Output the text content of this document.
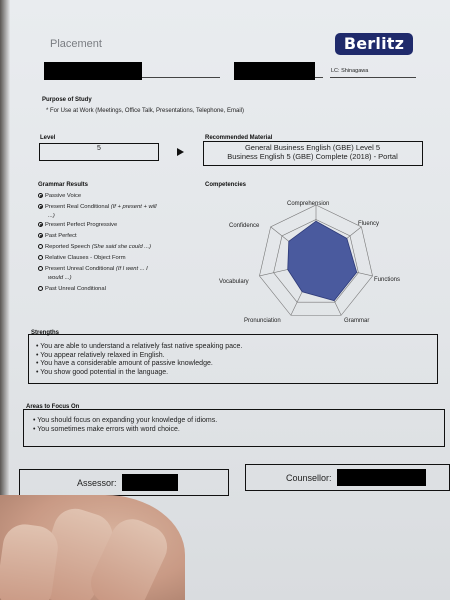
Placement	Berlitz
LC: Shinagawa
Purpose of Study
* For Use at Work (Meetings, Office Talk, Presentations, Telephone, Email)
Level
5
Recommended Material
General Business English (GBE) Level 5
Business English 5 (GBE) Complete (2018) - Portal
Grammar Results
Passive Voice
Present Real Conditional (If + present + will
...)
Present Perfect Progressive
Past Perfect
Reported Speech (She said she could ...)
Relative Clauses - Object Form
Present Unreal Conditional (If I went ... I
would ...)
Past Unreal Conditional
Competencies
Comprehension
Fluency
Functions
Grammar
Pronunciation
Vocabulary
Confidence
Strengths
• You are able to understand a relatively fast native speaking pace.
• You appear relatively relaxed in English.
• You have a considerable amount of passive knowledge.
• You show good potential in the language.
Areas to Focus On
• You should focus on expanding your knowledge of idioms.
• You sometimes make errors with word choice.
Assessor:	Counsellor:
